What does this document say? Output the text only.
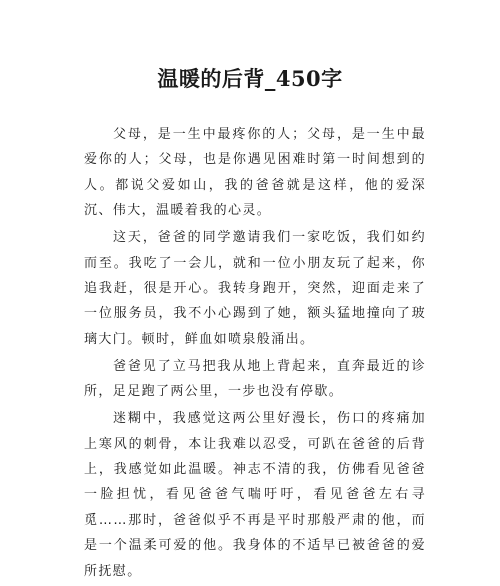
温暖的后背_450字

父母，是一生中最疼你的人；父母，是一生中最爱你的人；父母，也是你遇见困难时第一时间想到的人。都说父爱如山，我的爸爸就是这样，他的爱深沉、伟大，温暖着我的心灵。

这天，爸爸的同学邀请我们一家吃饭，我们如约而至。我吃了一会儿，就和一位小朋友玩了起来，你追我赶，很是开心。我转身跑开，突然，迎面走来了一位服务员，我不小心踢到了她，额头猛地撞向了玻璃大门。顿时，鲜血如喷泉般涌出。

爸爸见了立马把我从地上背起来，直奔最近的诊所，足足跑了两公里，一步也没有停歇。

迷糊中，我感觉这两公里好漫长，伤口的疼痛加上寒风的刺骨，本让我难以忍受，可趴在爸爸的后背上，我感觉如此温暖。神志不清的我，仿佛看见爸爸一脸担忧，看见爸爸气喘吁吁，看见爸爸左右寻觅……那时，爸爸似乎不再是平时那般严肃的他，而是一个温柔可爱的他。我身体的不适早已被爸爸的爱所抚慰。
